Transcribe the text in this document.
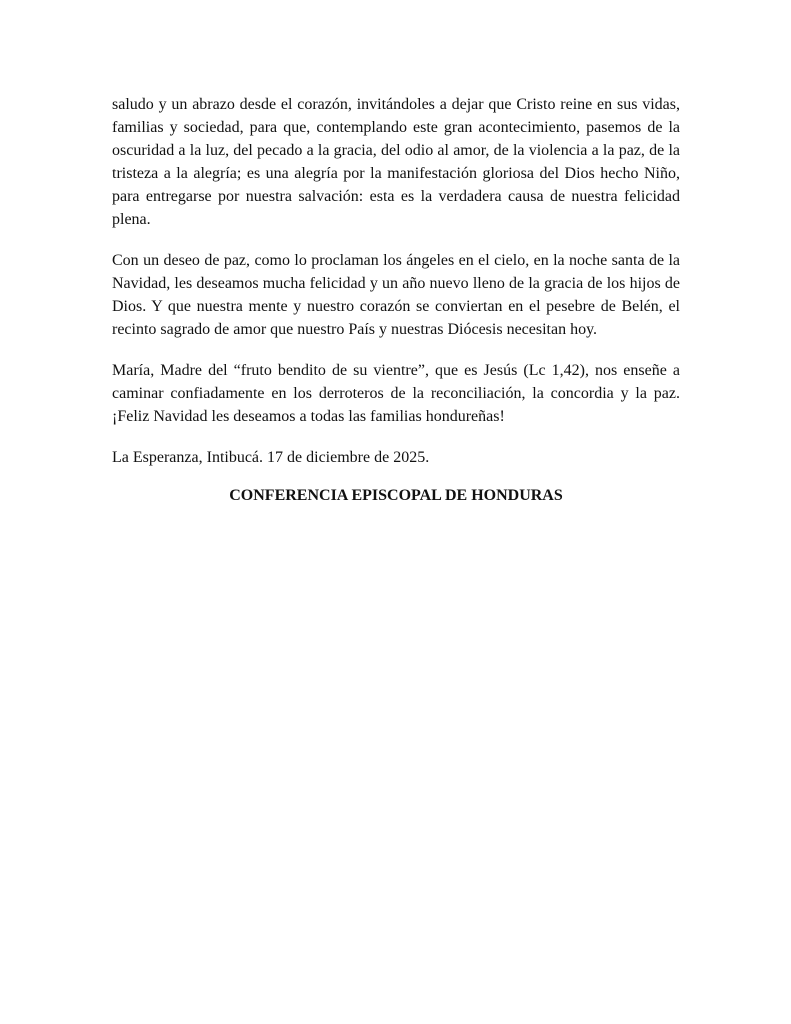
saludo y un abrazo desde el corazón, invitándoles a dejar que Cristo reine en sus vidas, familias y sociedad, para que, contemplando este gran acontecimiento, pasemos de la oscuridad a la luz, del pecado a la gracia, del odio al amor, de la violencia a la paz, de la tristeza a la alegría; es una alegría por la manifestación gloriosa del Dios hecho Niño, para entregarse por nuestra salvación: esta es la verdadera causa de nuestra felicidad plena.

Con un deseo de paz, como lo proclaman los ángeles en el cielo, en la noche santa de la Navidad, les deseamos mucha felicidad y un año nuevo lleno de la gracia de los hijos de Dios. Y que nuestra mente y nuestro corazón se conviertan en el pesebre de Belén, el recinto sagrado de amor que nuestro País y nuestras Diócesis necesitan hoy.

María, Madre del “fruto bendito de su vientre”, que es Jesús (Lc 1,42), nos enseñe a caminar confiadamente en los derroteros de la reconciliación, la concordia y la paz. ¡Feliz Navidad les deseamos a todas las familias hondureñas!

La Esperanza, Intibucá. 17 de diciembre de 2025.

CONFERENCIA EPISCOPAL DE HONDURAS
